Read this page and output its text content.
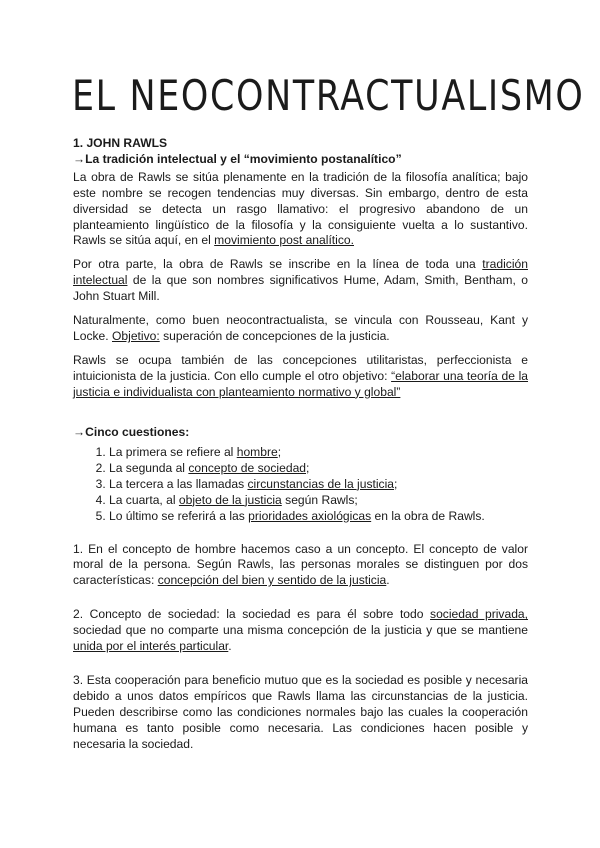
EL NEOCONTRACTUALISMO
1. JOHN RAWLS
→La tradición intelectual y el “movimiento postanalítico”

La obra de Rawls se sitúa plenamente en la tradición de la filosofía analítica; bajo este nombre se recogen tendencias muy diversas. Sin embargo, dentro de esta diversidad se detecta un rasgo llamativo: el progresivo abandono de un planteamiento lingüístico de la filosofía y la consiguiente vuelta a lo sustantivo. Rawls se sitúa aquí, en el movimiento post analítico.

Por otra parte, la obra de Rawls se inscribe en la línea de toda una tradición intelectual de la que son nombres significativos Hume, Adam, Smith, Bentham, o John Stuart Mill.

Naturalmente, como buen neocontractualista, se vincula con Rousseau, Kant y Locke. Objetivo: superación de concepciones de la justicia.

Rawls se ocupa también de las concepciones utilitaristas, perfeccionista e intuicionista de la justicia. Con ello cumple el otro objetivo: “elaborar una teoría de la justicia e individualista con planteamiento normativo y global”

→Cinco cuestiones:
1. La primera se refiere al hombre;
2. La segunda al concepto de sociedad;
3. La tercera a las llamadas circunstancias de la justicia;
4. La cuarta, al objeto de la justicia según Rawls;
5. Lo último se referirá a las prioridades axiológicas en la obra de Rawls.

1. En el concepto de hombre hacemos caso a un concepto. El concepto de valor moral de la persona. Según Rawls, las personas morales se distinguen por dos características: concepción del bien y sentido de la justicia.

2. Concepto de sociedad: la sociedad es para él sobre todo sociedad privada, sociedad que no comparte una misma concepción de la justicia y que se mantiene unida por el interés particular.

3. Esta cooperación para beneficio mutuo que es la sociedad es posible y necesaria debido a unos datos empíricos que Rawls llama las circunstancias de la justicia. Pueden describirse como las condiciones normales bajo las cuales la cooperación humana es tanto posible como necesaria. Las condiciones hacen posible y necesaria la sociedad.
